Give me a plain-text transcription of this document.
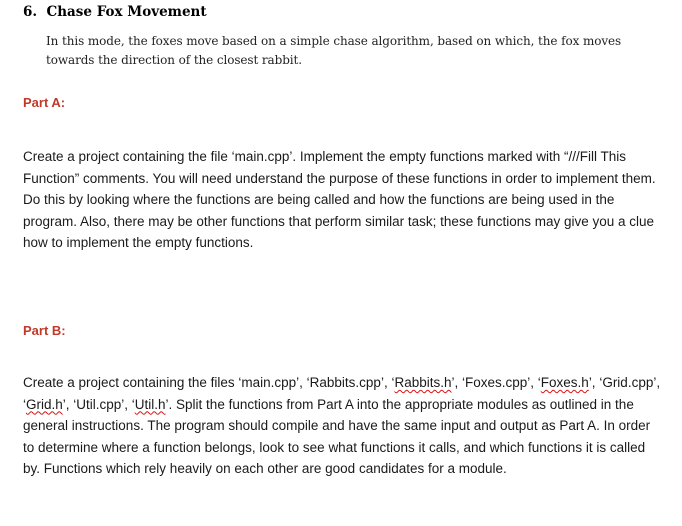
6. Chase Fox Movement
In this mode, the foxes move based on a simple chase algorithm, based on which, the fox moves towards the direction of the closest rabbit.
Part A:
Create a project containing the file ‘main.cpp’. Implement the empty functions marked with “///Fill This Function” comments. You will need understand the purpose of these functions in order to implement them. Do this by looking where the functions are being called and how the functions are being used in the program. Also, there may be other functions that perform similar task; these functions may give you a clue how to implement the empty functions.
Part B:
Create a project containing the files ‘main.cpp’, ‘Rabbits.cpp’, ‘Rabbits.h’, ‘Foxes.cpp’, ‘Foxes.h’, ‘Grid.cpp’, ‘Grid.h’, ‘Util.cpp’, ‘Util.h’. Split the functions from Part A into the appropriate modules as outlined in the general instructions. The program should compile and have the same input and output as Part A. In order to determine where a function belongs, look to see what functions it calls, and which functions it is called by. Functions which rely heavily on each other are good candidates for a module.
